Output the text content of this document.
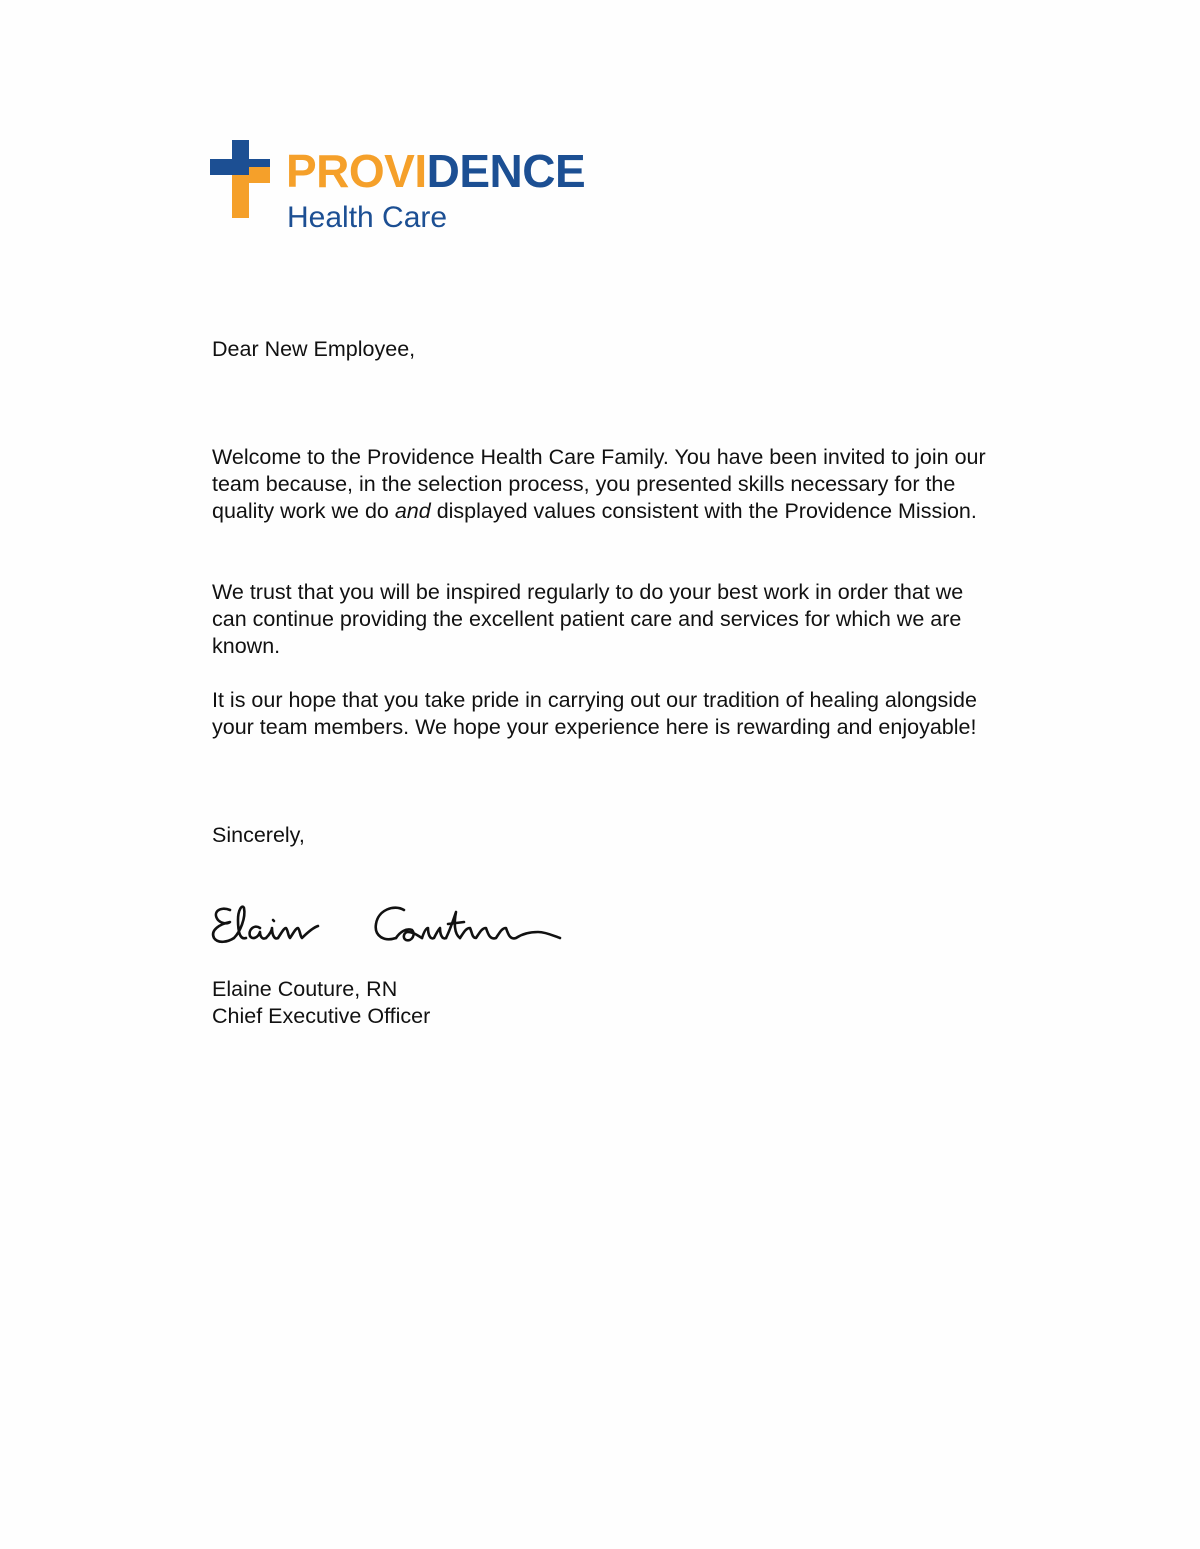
PROVIDENCE
Health Care

Dear New Employee,

Welcome to the Providence Health Care Family. You have been invited to join our team because, in the selection process, you presented skills necessary for the quality work we do and displayed values consistent with the Providence Mission.

We trust that you will be inspired regularly to do your best work in order that we can continue providing the excellent patient care and services for which we are known.

It is our hope that you take pride in carrying out our tradition of healing alongside your team members. We hope your experience here is rewarding and enjoyable!

Sincerely,

Elaine Couture, RN

Chief Executive Officer
